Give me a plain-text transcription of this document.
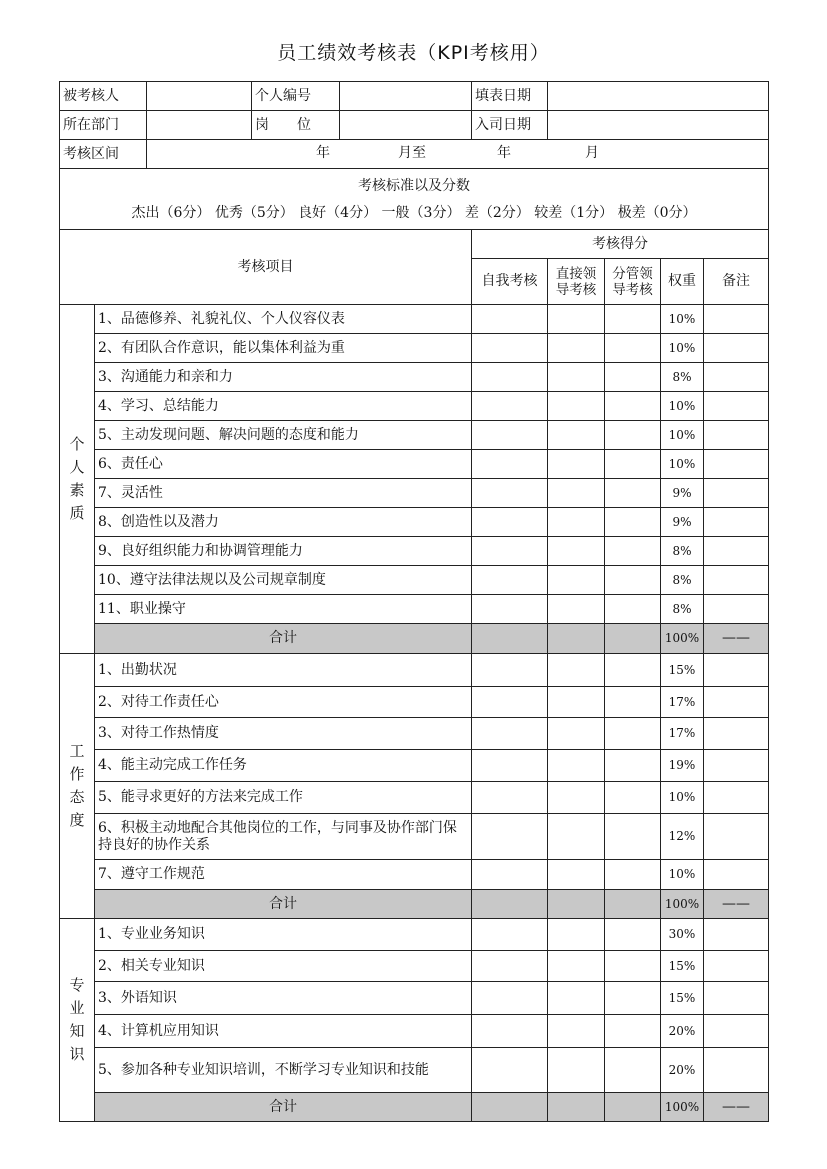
员工绩效考核表（KPI考核用）
被考核人			个人编号		填表日期				
所在部门			岗　　位		入司日期				
考核区间		年 月至 年 月							

考核标准以及分数
杰出（6分） 优秀（5分） 良好（4分） 一般（3分） 差（2分） 较差（1分） 极差（0分）									

考核项目					考核得分				
					自我考核	直接领导考核	分管领导考核	权重	备注
个人素质	1、品德修养、礼貌礼仪、个人仪容仪表							10%	
	2、有团队合作意识，能以集体利益为重							10%	
	3、沟通能力和亲和力							8%	
	4、学习、总结能力							10%	
	5、主动发现问题、解决问题的态度和能力							10%	
	6、责任心							10%	
	7、灵活性							9%	
	8、创造性以及潜力							9%	
	9、良好组织能力和协调管理能力							8%	
	10、遵守法律法规以及公司规章制度							8%	
	11、职业操守							8%	
	合计							100%	——
工作态度	1、出勤状况							15%	
	2、对待工作责任心							17%	
	3、对待工作热情度							17%	
	4、能主动完成工作任务							19%	
	5、能寻求更好的方法来完成工作							10%	
	6、积极主动地配合其他岗位的工作，与同事及协作部门保持良好的协作关系							12%	
	7、遵守工作规范							10%	
	合计							100%	——
专业知识	1、专业业务知识							30%	
	2、相关专业知识							15%	
	3、外语知识							15%	
	4、计算机应用知识							20%	
	5、参加各种专业知识培训，不断学习专业知识和技能							20%	
	合计							100%	——
